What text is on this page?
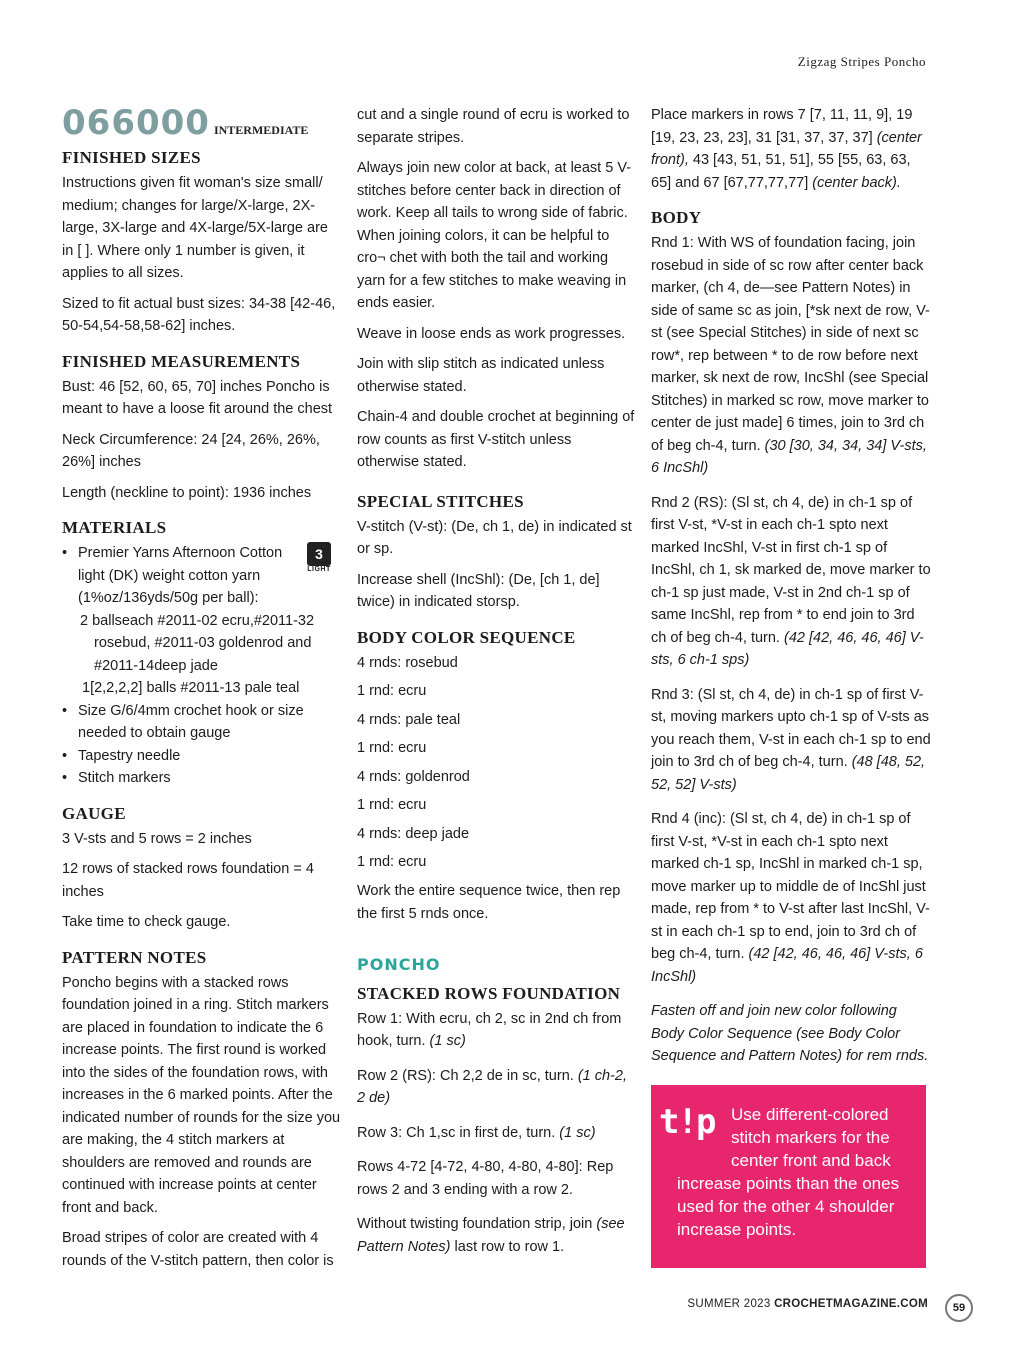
Zigzag Stripes Poncho
066000 INTERMEDIATE
FINISHED SIZES

Instructions given fit woman's size small/ medium; changes for large/X-large, 2X-large, 3X-large and 4X-large/5X-large are in [ ]. Where only 1 number is given, it applies to all sizes.

Sized to fit actual bust sizes: 34-38 [42-46, 50-54,54-58,58-62] inches.

FINISHED MEASUREMENTS

Bust: 46 [52, 60, 65, 70] inches Poncho is meant to have a loose fit around the chest

Neck Circumference: 24 [24, 26%, 26%, 26%] inches

Length (neckline to point): 1936 inches

MATERIALS
3
LIGHT
• Premier Yarns Afternoon Cotton light (DK) weight cotton yarn (1%oz/136yds/50g per ball):
2 ballseach #2011-02 ecru,#2011-32 rosebud, #2011-03 goldenrod and #2011-14deep jade
1[2,2,2,2] balls #2011-13 pale teal
• Size G/6/4mm crochet hook or size needed to obtain gauge
• Tapestry needle
• Stitch markers
GAUGE

3 V-sts and 5 rows = 2 inches

12 rows of stacked rows foundation = 4 inches

Take time to check gauge.

PATTERN NOTES

Poncho begins with a stacked rows foundation joined in a ring. Stitch markers are placed in foundation to indicate the 6 increase points. The first round is worked into the sides of the foundation rows, with increases in the 6 marked points. After the indicated number of rounds for the size you are making, the 4 stitch markers at shoulders are removed and rounds are continued with increase points at center front and back.

Broad stripes of color are created with 4 rounds of the V-stitch pattern, then color is

cut and a single round of ecru is worked to separate stripes.

Always join new color at back, at least 5 V-stitches before center back in direction of work. Keep all tails to wrong side of fabric. When joining colors, it can be helpful to cro¬ chet with both the tail and working yarn for a few stitches to make weaving in ends easier.

Weave in loose ends as work progresses.

Join with slip stitch as indicated unless otherwise stated.

Chain-4 and double crochet at beginning of row counts as first V-stitch unless otherwise stated.

SPECIAL STITCHES

V-stitch (V-st): (De, ch 1, de) in indicated st or sp.

Increase shell (IncShl): (De, [ch 1, de] twice) in indicated storsp.

BODY COLOR SEQUENCE

4 rnds: rosebud

1 rnd: ecru

4 rnds: pale teal

1 rnd: ecru

4 rnds: goldenrod

1 rnd: ecru

4 rnds: deep jade

1 rnd: ecru

Work the entire sequence twice, then rep the first 5 rnds once.

PONCHO
STACKED ROWS FOUNDATION

Row 1: With ecru, ch 2, sc in 2nd ch from hook, turn. (1 sc)

Row 2 (RS): Ch 2,2 de in sc, turn. (1 ch-2, 2 de)

Row 3: Ch 1,sc in first de, turn. (1 sc)

Rows 4-72 [4-72, 4-80, 4-80, 4-80]: Rep rows 2 and 3 ending with a row 2.

Without twisting foundation strip, join (see Pattern Notes) last row to row 1.

Place markers in rows 7 [7, 11, 11, 9], 19 [19, 23, 23, 23], 31 [31, 37, 37, 37] (center front), 43 [43, 51, 51, 51], 55 [55, 63, 63, 65] and 67 [67,77,77,77] (center back).

BODY

Rnd 1: With WS of foundation facing, join rosebud in side of sc row after center back marker, (ch 4, de—see Pattern Notes) in side of same sc as join, [*sk next de row, V-st (see Special Stitches) in side of next sc row*, rep between * to de row before next marker, sk next de row, IncShl (see Special Stitches) in marked sc row, move marker to center de just made] 6 times, join to 3rd ch of beg ch-4, turn. (30 [30, 34, 34, 34] V-sts, 6 IncShl)

Rnd 2 (RS): (Sl st, ch 4, de) in ch-1 sp of first V-st, *V-st in each ch-1 spto next marked IncShl, V-st in first ch-1 sp of IncShl, ch 1, sk marked de, move marker to ch-1 sp just made, V-st in 2nd ch-1 sp of same IncShl, rep from * to end join to 3rd ch of beg ch-4, turn. (42 [42, 46, 46, 46] V-sts, 6 ch-1 sps)

Rnd 3: (Sl st, ch 4, de) in ch-1 sp of first V-st, moving markers upto ch-1 sp of V-sts as you reach them, V-st in each ch-1 sp to end join to 3rd ch of beg ch-4, turn. (48 [48, 52, 52, 52] V-sts)

Rnd 4 (inc): (Sl st, ch 4, de) in ch-1 sp of first V-st, *V-st in each ch-1 spto next marked ch-1 sp, IncShl in marked ch-1 sp, move marker up to middle de of IncShl just made, rep from * to V-st after last IncShl, V-st in each ch-1 sp to end, join to 3rd ch of beg ch-4, turn. (42 [42, 46, 46, 46] V-sts, 6 IncShl)

Fasten off and join new color following Body Color Sequence (see Body Color Sequence and Pattern Notes) for rem rnds.

t!p Use different-colored stitch markers for the center front and back
increase points than the ones used for the other 4 shoulder increase points.
SUMMER 2023 CROCHETMAGAZINE.COM	59
